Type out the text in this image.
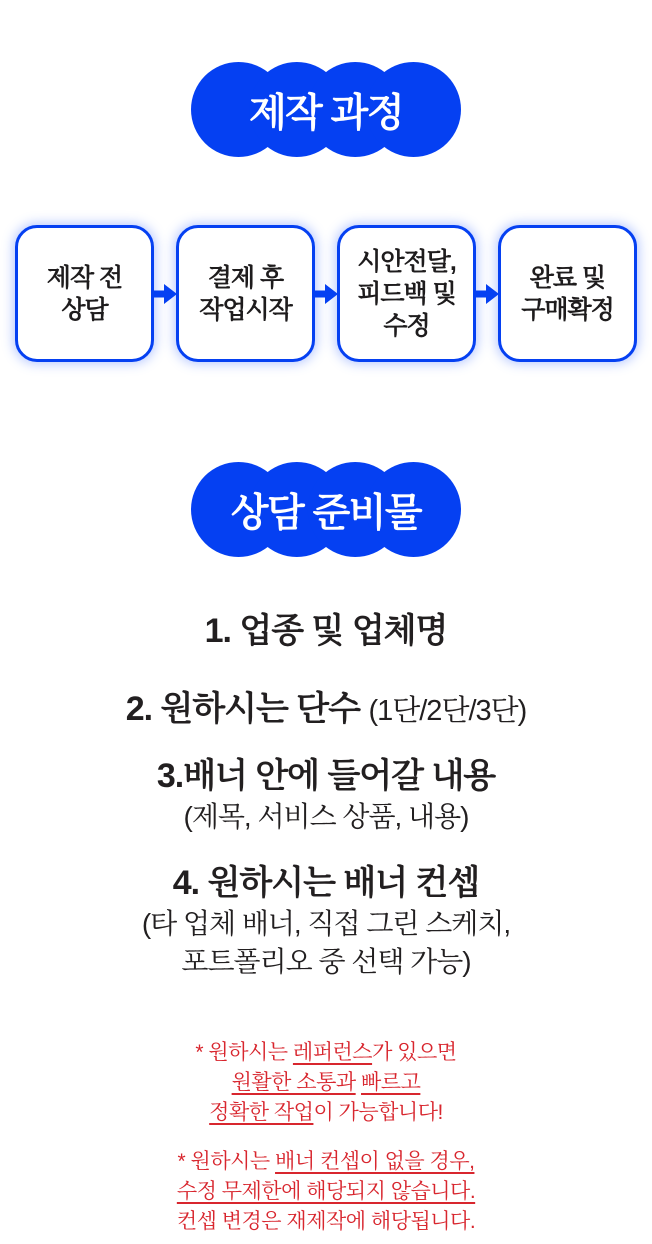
제작 과정
제작 전
상담
결제 후
작업시작
시안전달,
피드백 및
수정
완료 및
구매확정
상담 준비물
1. 업종 및 업체명
2. 원하시는 단수 (1단/2단/3단)
3.배너 안에 들어갈 내용
(제목, 서비스 상품, 내용)
4. 원하시는 배너 컨셉
(타 업체 배너, 직접 그린 스케치,
포트폴리오 중 선택 가능)
* 원하시는 레퍼런스가 있으면
원활한 소통과 빠르고
정확한 작업이 가능합니다!
* 원하시는 배너 컨셉이 없을 경우,
수정 무제한에 해당되지 않습니다.
컨셉 변경은 재제작에 해당됩니다.
